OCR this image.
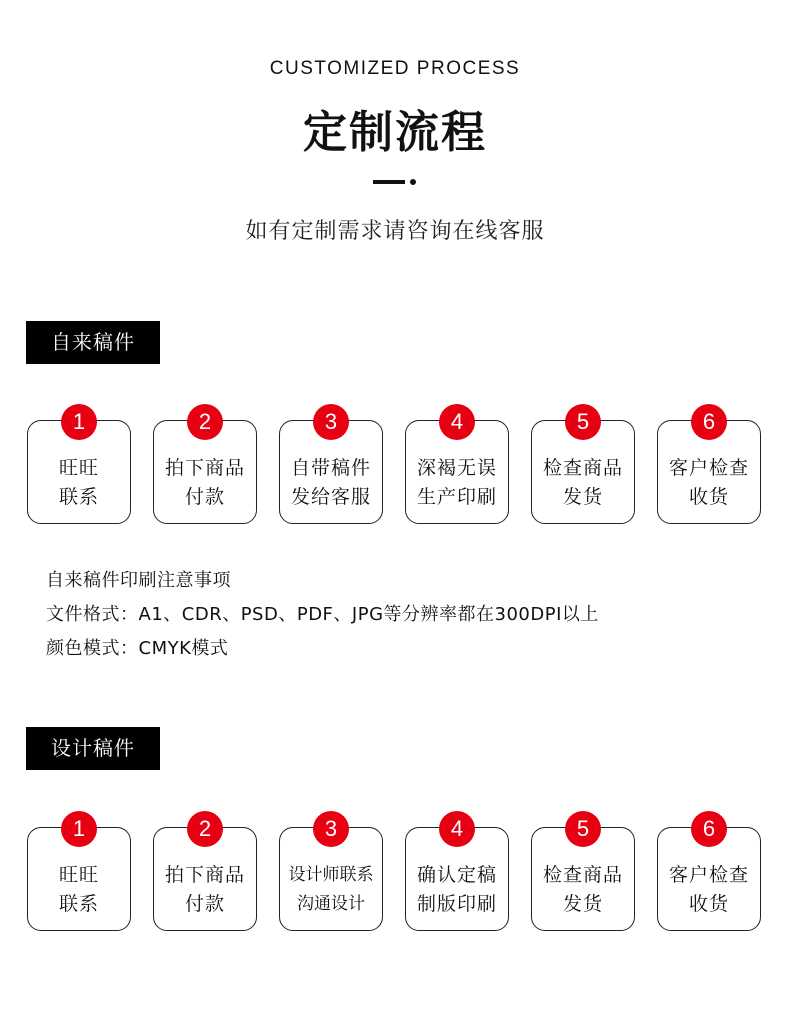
CUSTOMIZED PROCESS
定制流程
如有定制需求请咨询在线客服
自来稿件
1
旺旺
联系
2
拍下商品
付款
3
自带稿件
发给客服
4
深褐无误
生产印刷
5
检查商品
发货
6
客户检查
收货
自来稿件印刷注意事项
文件格式：A1、CDR、PSD、PDF、JPG等分辨率都在300DPI以上
颜色模式：CMYK模式
设计稿件
1
旺旺
联系
2
拍下商品
付款
3
设计师联系
沟通设计
4
确认定稿
制版印刷
5
检查商品
发货
6
客户检查
收货
